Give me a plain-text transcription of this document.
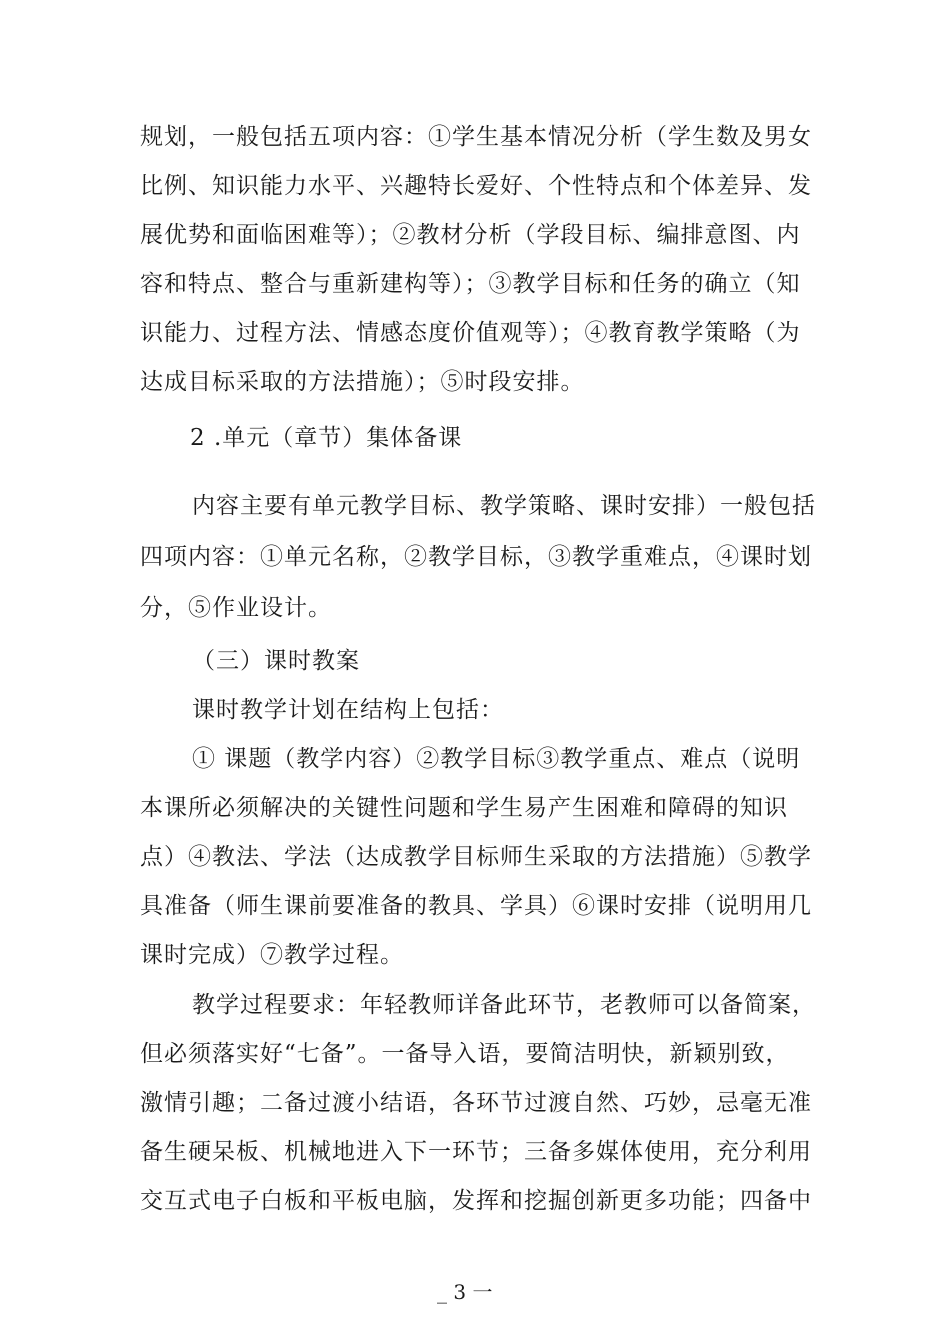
规划，一般包括五项内容：①学生基本情况分析（学生数及男女
比例、知识能力水平、兴趣特长爱好、个性特点和个体差异、发
展优势和面临困难等）；②教材分析（学段目标、编排意图、内
容和特点、整合与重新建构等）；③教学目标和任务的确立（知
识能力、过程方法、情感态度价值观等）；④教育教学策略（为
达成目标采取的方法措施）；⑤时段安排。
2 .单元（章节）集体备课
内容主要有单元教学目标、教学策略、课时安排）一般包括
四项内容：①单元名称，②教学目标，③教学重难点，④课时划
分，⑤作业设计。
（三）课时教案
课时教学计划在结构上包括：
① 课题（教学内容）②教学目标③教学重点、难点（说明
本课所必须解决的关键性问题和学生易产生困难和障碍的知识
点）④教法、学法（达成教学目标师生采取的方法措施）⑤教学
具准备（师生课前要准备的教具、学具）⑥课时安排（说明用几
课时完成）⑦教学过程。
教学过程要求：年轻教师详备此环节，老教师可以备简案，
但必须落实好“七备”。一备导入语，要简洁明快，新颖别致，
激情引趣；二备过渡小结语，各环节过渡自然、巧妙，忌毫无准
备生硬呆板、机械地进入下一环节；三备多媒体使用，充分利用
交互式电子白板和平板电脑，发挥和挖掘创新更多功能；四备中
_ 3 一
